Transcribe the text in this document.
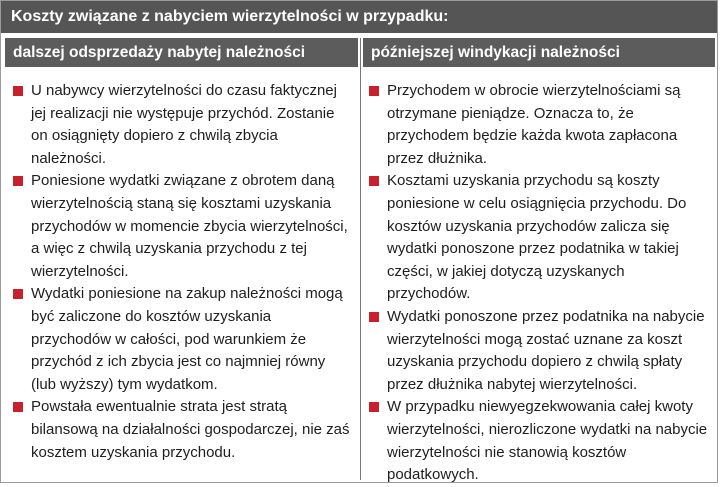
Koszty związane z nabyciem wierzytelności w przypadku:
dalszej odsprzedaży nabytej należności	późniejszej windykacji należności
U nabywcy wierzytelności do czasu faktycznej jej realizacji nie występuje przychód. Zostanie on osiągnięty dopiero z chwilą zbycia należności.
Poniesione wydatki związane z obrotem daną wierzytelnością staną się kosztami uzyskania przychodów w momencie zbycia wierzytelności, a więc z chwilą uzyskania przychodu z tej wierzytelności.
Wydatki poniesione na zakup należności mogą być zaliczone do kosztów uzyskania przychodów w całości, pod warunkiem że przychód z ich zbycia jest co najmniej równy (lub wyższy) tym wydatkom.
Powstała ewentualnie strata jest stratą bilansową na działalności gospodarczej, nie zaś kosztem uzyskania przychodu.
Przychodem w obrocie wierzytelnościami są otrzymane pieniądze. Oznacza to, że przychodem będzie każda kwota zapłacona przez dłużnika.
Kosztami uzyskania przychodu są koszty poniesione w celu osiągnięcia przychodu. Do kosztów uzyskania przychodów zalicza się wydatki ponoszone przez podatnika w takiej części, w jakiej dotyczą uzyskanych przychodów.
Wydatki ponoszone przez podatnika na nabycie wierzytelności mogą zostać uznane za koszt uzyskania przychodu dopiero z chwilą spłaty przez dłużnika nabytej wierzytelności.
W przypadku niewyegzekwowania całej kwoty wierzytelności, nierozliczone wydatki na nabycie wierzytelności nie stanowią kosztów podatkowych.
